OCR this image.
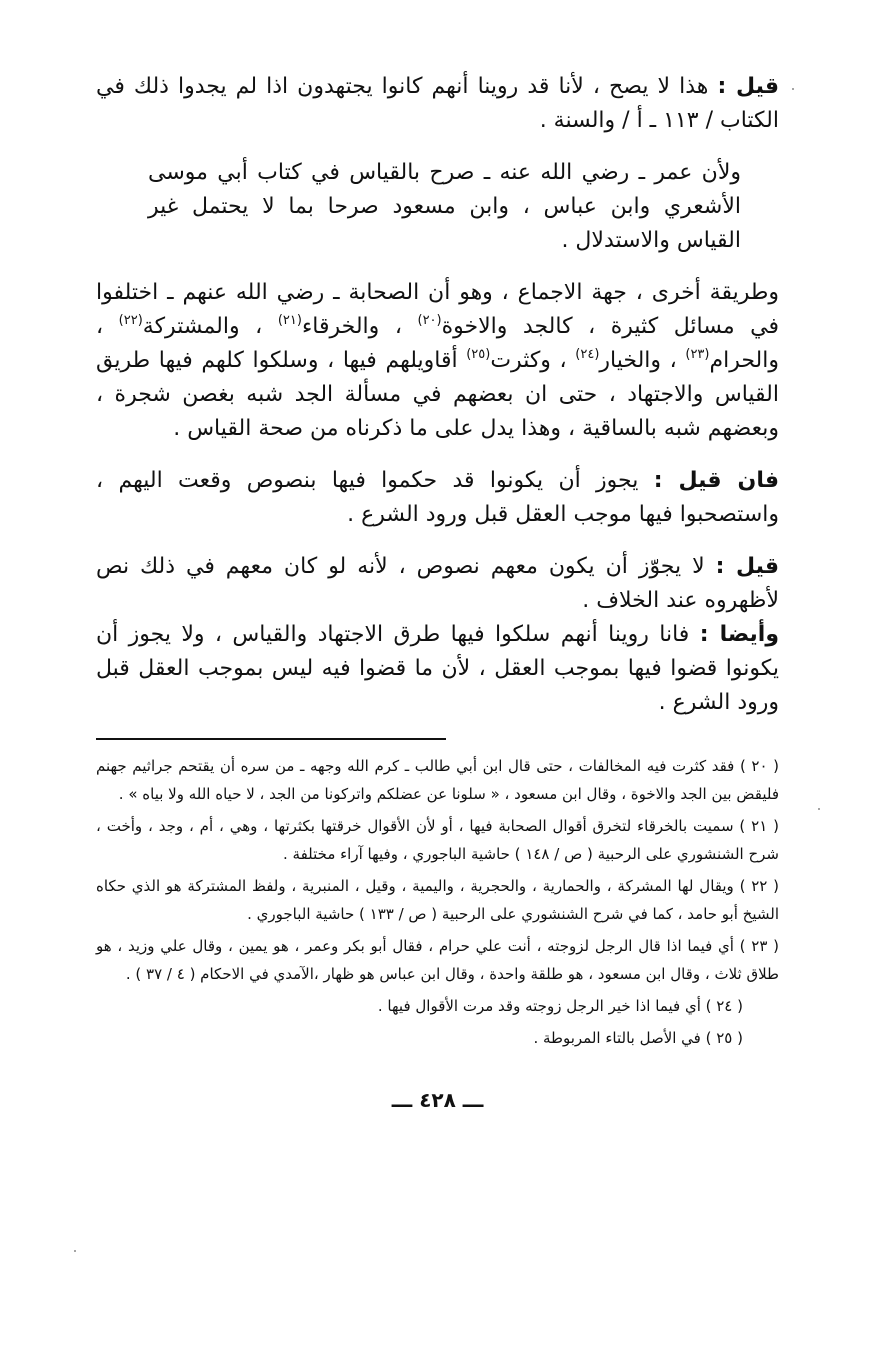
قيل : هذا لا يصح ، لأنا قد روينا أنهم كانوا يجتهدون اذا لم يجدوا ذلك في الكتاب / ١١٣ ـ أ / والسنة .

ولأن عمر ـ رضي الله عنه ـ صرح بالقياس في كتاب أبي موسى الأشعري وابن عباس ، وابن مسعود صرحا بما لا يحتمل غير القياس والاستدلال .

وطريقة أخرى ، جهة الاجماع ، وهو أن الصحابة ـ رضي الله عنهم ـ اختلفوا في مسائل كثيرة ، كالجد والاخوة$^{(٢٠)}$ ، والخرقاء$^{(٢١)}$ ، والمشتركة$^{(٢٢)}$ ، والحرام$^{(٢٣)}$ ، والخيار$^{(٢٤)}$ ، وكثرت$^{(٢٥)}$ أقاويلهم فيها ، وسلكوا كلهم فيها طريق القياس والاجتهاد ، حتى ان بعضهم في مسألة الجد شبه بغصن شجرة ، وبعضهم شبه بالساقية ، وهذا يدل على ما ذكرناه من صحة القياس .

فان قيل : يجوز أن يكونوا قد حكموا فيها بنصوص وقعت اليهم ، واستصحبوا فيها موجب العقل قبل ورود الشرع .

قيل : لا يجوّز أن يكون معهم نصوص ، لأنه لو كان معهم في ذلك نص لأظهروه عند الخلاف .

وأيضا : فانا روينا أنهم سلكوا فيها طرق الاجتهاد والقياس ، ولا يجوز أن يكونوا قضوا فيها بموجب العقل ، لأن ما قضوا فيه ليس بموجب العقل قبل ورود الشرع .

( ٢٠ ) فقد كثرت فيه المخالفات ، حتى قال ابن أبي طالب ـ كرم الله وجهه ـ من سره أن يقتحم جراثيم جهنم فليقض بين الجد والاخوة ، وقال ابن مسعود ، « سلونا عن عضلكم واتركونا من الجد ، لا حياه الله ولا بياه » .

( ٢١ ) سميت بالخرقاء لتخرق أقوال الصحابة فيها ، أو لأن الأقوال خرقتها بكثرتها ، وهي ، أم ، وجد ، وأخت ، شرح الشنشوري على الرحبية ( ص / ١٤٨ ) حاشية الباجوري ، وفيها آراء مختلفة .

( ٢٢ ) ويقال لها المشركة ، والحمارية ، والحجرية ، واليمية ، وقيل ، المنبرية ، ولفظ المشتركة هو الذي حكاه الشيخ أبو حامد ، كما في شرح الشنشوري على الرحبية ( ص / ١٣٣ ) حاشية الباجوري .

( ٢٣ ) أي فيما اذا قال الرجل لزوجته ، أنت علي حرام ، فقال أبو بكر وعمر ، هو يمين ، وقال علي وزيد ، هو طلاق ثلاث ، وقال ابن مسعود ، هو طلقة واحدة ، وقال ابن عباس هو ظهار ،الآمدي في الاحكام ( ٤ / ٣٧ ) .

( ٢٤ ) أي فيما اذا خير الرجل زوجته وقد مرت الأقوال فيها .

( ٢٥ ) في الأصل بالتاء المربوطة .

ـــ ٤٢٨ ـــ
